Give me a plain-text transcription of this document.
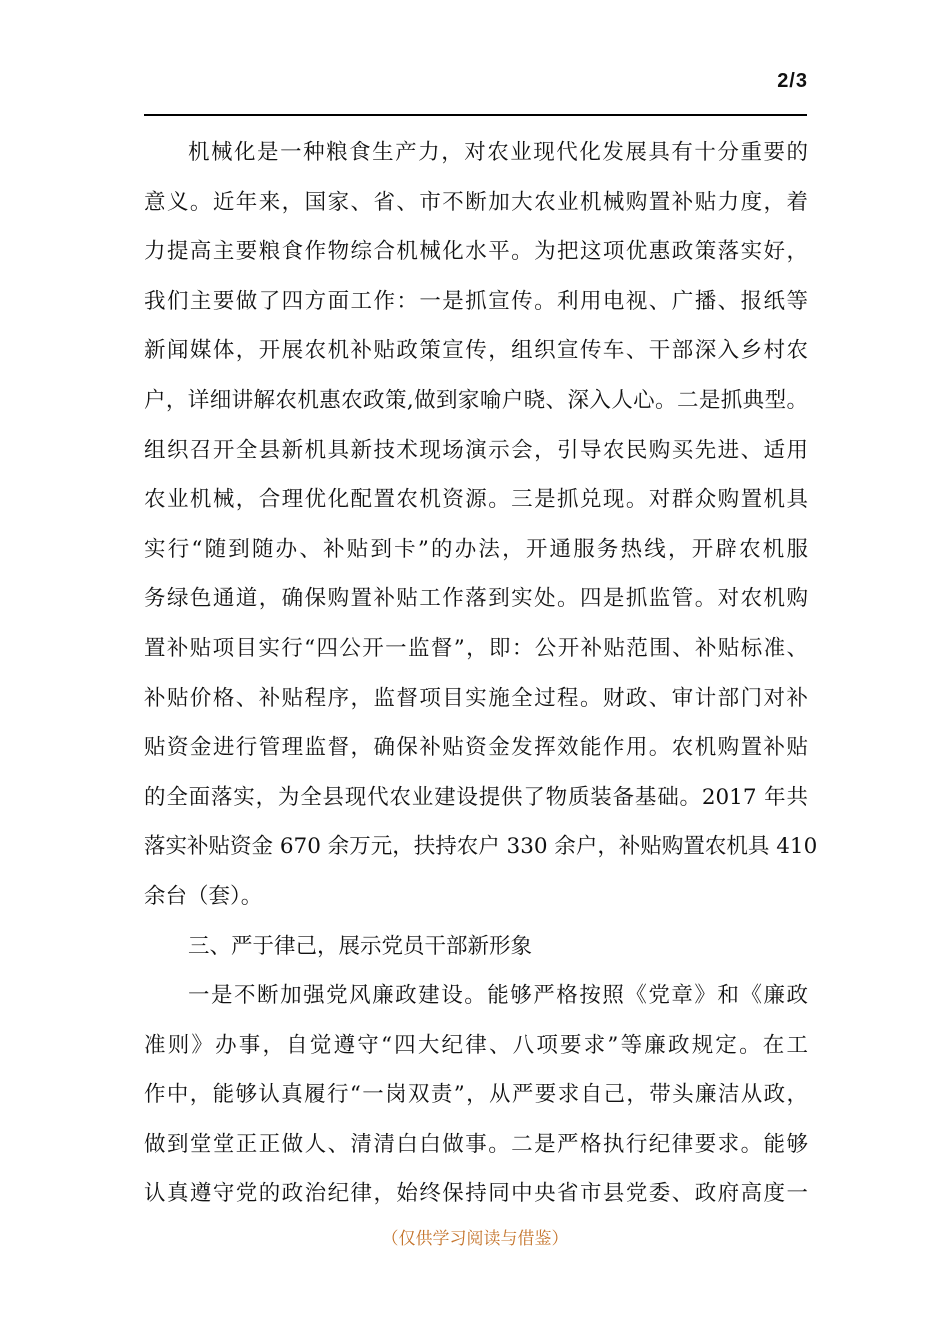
2/3
机械化是一种粮食生产力，对农业现代化发展具有十分重要的
意义。近年来，国家、省、市不断加大农业机械购置补贴力度，着
力提高主要粮食作物综合机械化水平。为把这项优惠政策落实好，
我们主要做了四方面工作：一是抓宣传。利用电视、广播、报纸等
新闻媒体，开展农机补贴政策宣传，组织宣传车、干部深入乡村农
户，详细讲解农机惠农政策,做到家喻户晓、深入人心。二是抓典型。
组织召开全县新机具新技术现场演示会，引导农民购买先进、适用
农业机械，合理优化配置农机资源。三是抓兑现。对群众购置机具
实行“随到随办、补贴到卡”的办法，开通服务热线，开辟农机服
务绿色通道，确保购置补贴工作落到实处。四是抓监管。对农机购
置补贴项目实行“四公开一监督”，即：公开补贴范围、补贴标准、
补贴价格、补贴程序，监督项目实施全过程。财政、审计部门对补
贴资金进行管理监督，确保补贴资金发挥效能作用。农机购置补贴
的全面落实，为全县现代农业建设提供了物质装备基础。2017 年共
落实补贴资金 670 余万元，扶持农户 330 余户，补贴购置农机具 410
余台（套）。
三、严于律己，展示党员干部新形象
一是不断加强党风廉政建设。能够严格按照《党章》和《廉政
准则》办事，自觉遵守“四大纪律、八项要求”等廉政规定。在工
作中，能够认真履行“一岗双责”，从严要求自己，带头廉洁从政，
做到堂堂正正做人、清清白白做事。二是严格执行纪律要求。能够
认真遵守党的政治纪律，始终保持同中央省市县党委、政府高度一
（仅供学习阅读与借鉴）
